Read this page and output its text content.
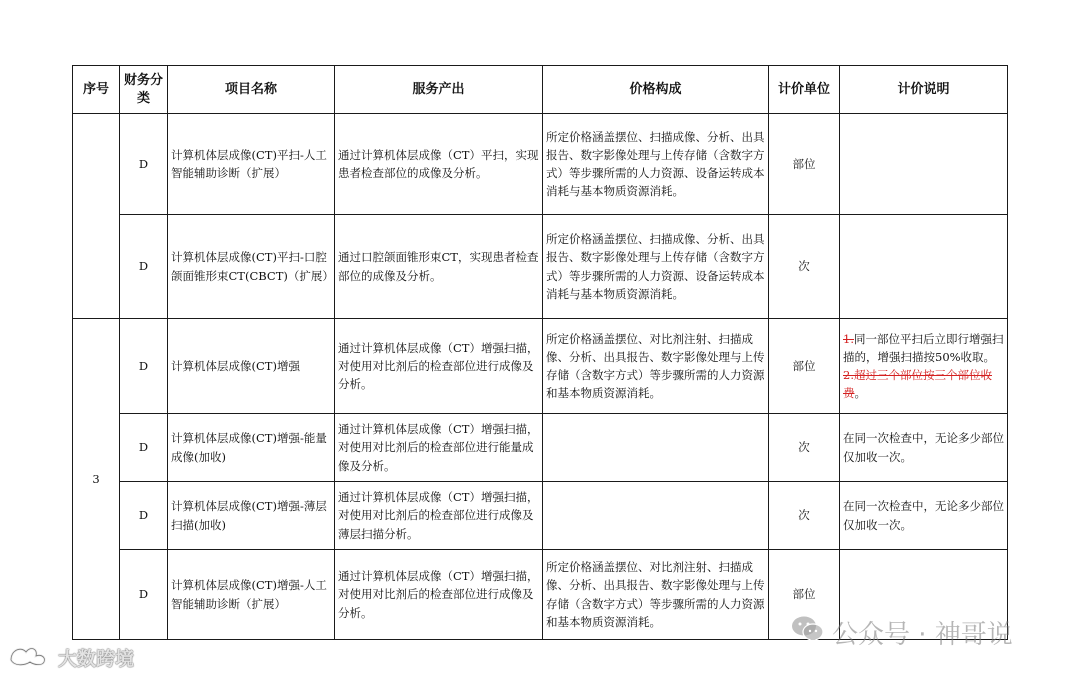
序号	财务分类	项目名称	服务产出	价格构成	计价单位	计价说明
	D	计算机体层成像(CT)平扫-人工智能辅助诊断（扩展）	通过计算机体层成像（CT）平扫，实现患者检查部位的成像及分析。	所定价格涵盖摆位、扫描成像、分析、出具报告、数字影像处理与上传存储（含数字方式）等步骤所需的人力资源、设备运转成本消耗与基本物质资源消耗。	部位	
	D	计算机体层成像(CT)平扫-口腔颌面锥形束CT(CBCT)（扩展）	通过口腔颌面锥形束CT，实现患者检查部位的成像及分析。	所定价格涵盖摆位、扫描成像、分析、出具报告、数字影像处理与上传存储（含数字方式）等步骤所需的人力资源、设备运转成本消耗与基本物质资源消耗。	次	
3	D	计算机体层成像(CT)增强	通过计算机体层成像（CT）增强扫描，对使用对比剂后的检查部位进行成像及分析。	所定价格涵盖摆位、对比剂注射、扫描成像、分析、出具报告、数字影像处理与上传存储（含数字方式）等步骤所需的人力资源和基本物质资源消耗。	部位	1.同一部位平扫后立即行增强扫描的，增强扫描按50%收取。2.超过三个部位按三个部位收费。
	D	计算机体层成像(CT)增强-能量成像(加收)	通过计算机体层成像（CT）增强扫描，对使用对比剂后的检查部位进行能量成像及分析。		次	在同一次检查中，无论多少部位仅加收一次。
	D	计算机体层成像(CT)增强-薄层扫描(加收)	通过计算机体层成像（CT）增强扫描，对使用对比剂后的检查部位进行成像及薄层扫描分析。		次	在同一次检查中，无论多少部位仅加收一次。
	D	计算机体层成像(CT)增强-人工智能辅助诊断（扩展）	通过计算机体层成像（CT）增强扫描，对使用对比剂后的检查部位进行成像及分析。	所定价格涵盖摆位、对比剂注射、扫描成像、分析、出具报告、数字影像处理与上传存储（含数字方式）等步骤所需的人力资源和基本物质资源消耗。	部位	
大数跨境
公众号 · 神哥说
